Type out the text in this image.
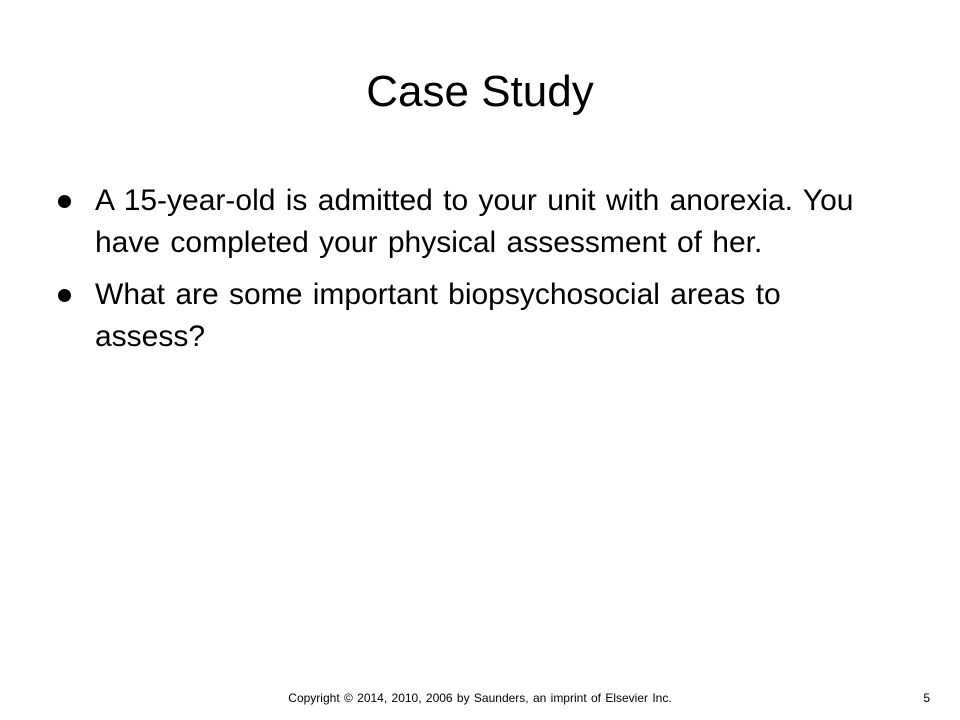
Case Study
A 15-year-old is admitted to your unit with anorexia. You have completed your physical assessment of her.
What are some important biopsychosocial areas to assess?
Copyright © 2014, 2010, 2006 by Saunders, an imprint of Elsevier Inc.	5
